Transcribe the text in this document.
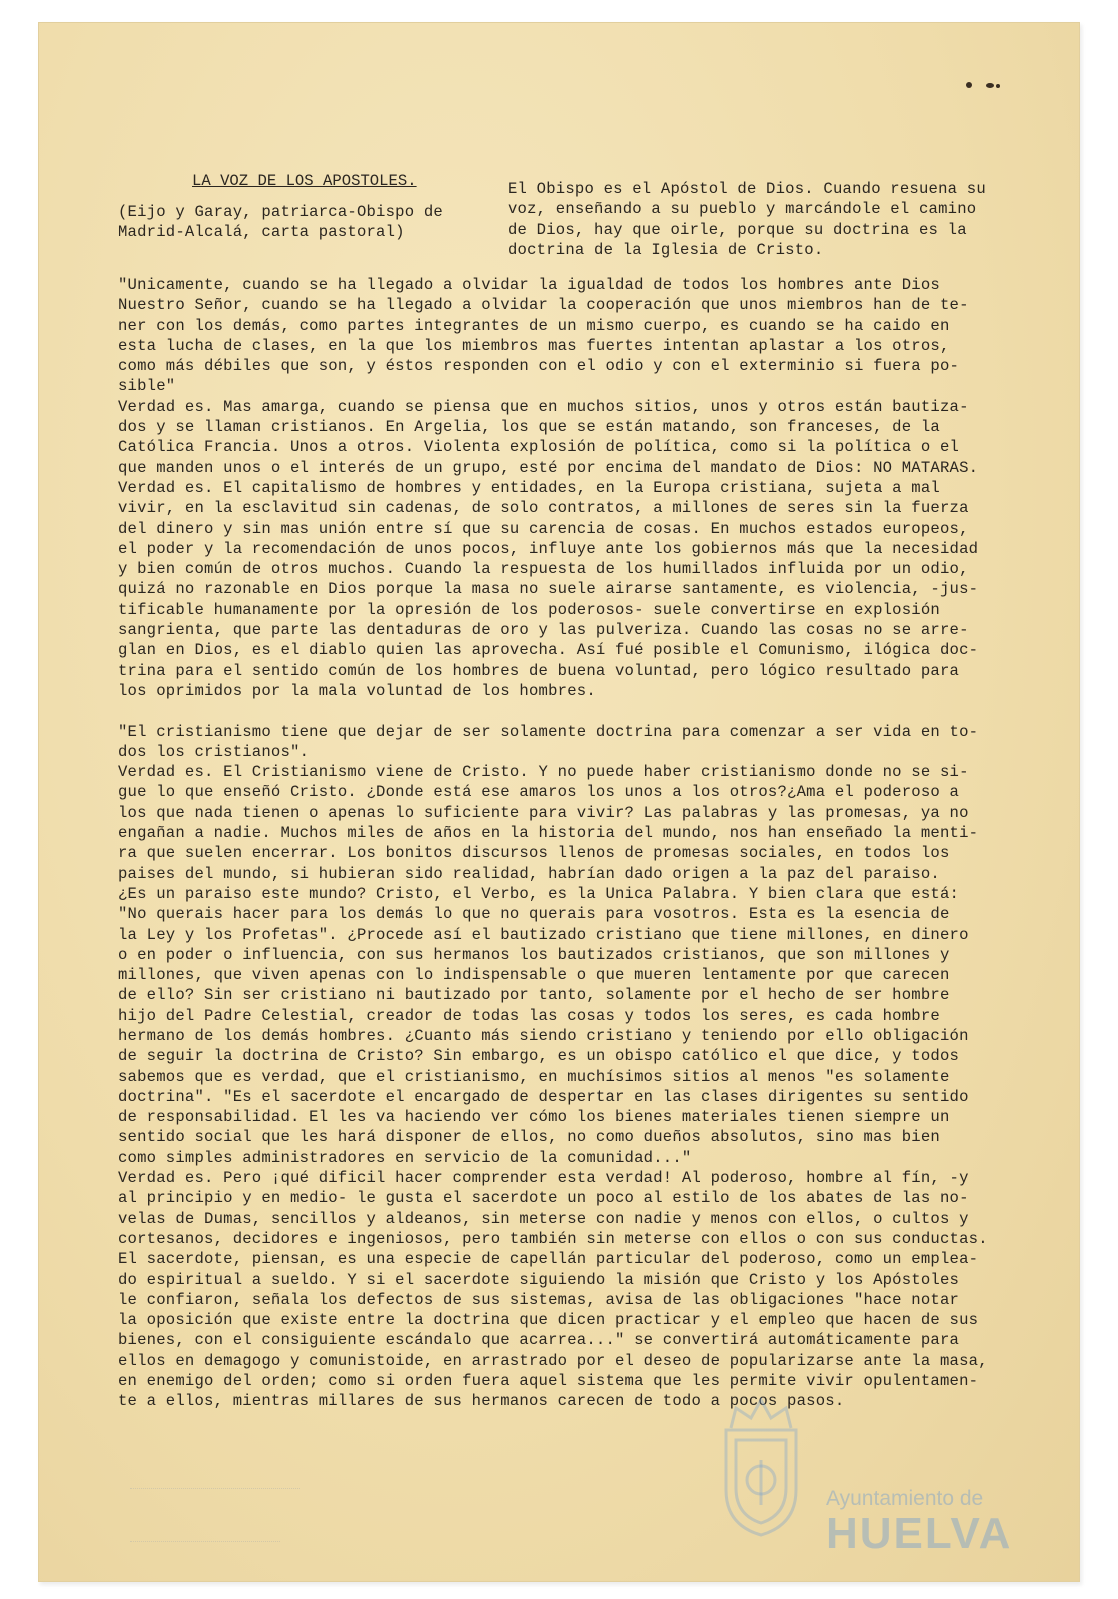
LA VOZ DE LOS APOSTOLES.
(Eijo y Garay, patriarca-Obispo de
Madrid-Alcalá, carta pastoral)
El Obispo es el Apóstol de Dios. Cuando resuena su
voz, enseñando a su pueblo y marcándole el camino
de Dios, hay que oirle, porque su doctrina es la
doctrina de la Iglesia de Cristo.
"Unicamente, cuando se ha llegado a olvidar la igualdad de todos los hombres ante Dios
Nuestro Señor, cuando se ha llegado a olvidar la cooperación que unos miembros han de te-
ner con los demás, como partes integrantes de un mismo cuerpo, es cuando se ha caido en
esta lucha de clases, en la que los miembros mas fuertes intentan aplastar a los otros,
como más débiles que son, y éstos responden con el odio y con el exterminio si fuera po-
sible"
Verdad es. Mas amarga, cuando se piensa que en muchos sitios, unos y otros están bautiza-
dos y se llaman cristianos. En Argelia, los que se están matando, son franceses, de la
Católica Francia. Unos a otros. Violenta explosión de política, como si la política o el
que manden unos o el interés de un grupo, esté por encima del mandato de Dios: NO MATARAS.
Verdad es. El capitalismo de hombres y entidades, en la Europa cristiana, sujeta a mal
vivir, en la esclavitud sin cadenas, de solo contratos, a millones de seres sin la fuerza
del dinero y sin mas unión entre sí que su carencia de cosas. En muchos estados europeos,
el poder y la recomendación de unos pocos, influye ante los gobiernos más que la necesidad
y bien común de otros muchos. Cuando la respuesta de los humillados influida por un odio,
quizá no razonable en Dios porque la masa no suele airarse santamente, es violencia, -jus-
tificable humanamente por la opresión de los poderosos- suele convertirse en explosión
sangrienta, que parte las dentaduras de oro y las pulveriza. Cuando las cosas no se arre-
glan en Dios, es el diablo quien las aprovecha. Así fué posible el Comunismo, ilógica doc-
trina para el sentido común de los hombres de buena voluntad, pero lógico resultado para
los oprimidos por la mala voluntad de los hombres.

"El cristianismo tiene que dejar de ser solamente doctrina para comenzar a ser vida en to-
dos los cristianos".
Verdad es. El Cristianismo viene de Cristo. Y no puede haber cristianismo donde no se si-
gue lo que enseñó Cristo. ¿Donde está ese amaros los unos a los otros?¿Ama el poderoso a
los que nada tienen o apenas lo suficiente para vivir? Las palabras y las promesas, ya no
engañan a nadie. Muchos miles de años en la historia del mundo, nos han enseñado la menti-
ra que suelen encerrar. Los bonitos discursos llenos de promesas sociales, en todos los
paises del mundo, si hubieran sido realidad, habrían dado origen a la paz del paraiso.
¿Es un paraiso este mundo? Cristo, el Verbo, es la Unica Palabra. Y bien clara que está:
"No querais hacer para los demás lo que no querais para vosotros. Esta es la esencia de
la Ley y los Profetas". ¿Procede así el bautizado cristiano que tiene millones, en dinero
o en poder o influencia, con sus hermanos los bautizados cristianos, que son millones y
millones, que viven apenas con lo indispensable o que mueren lentamente por que carecen
de ello? Sin ser cristiano ni bautizado por tanto, solamente por el hecho de ser hombre
hijo del Padre Celestial, creador de todas las cosas y todos los seres, es cada hombre
hermano de los demás hombres. ¿Cuanto más siendo cristiano y teniendo por ello obligación
de seguir la doctrina de Cristo? Sin embargo, es un obispo católico el que dice, y todos
sabemos que es verdad, que el cristianismo, en muchísimos sitios al menos "es solamente
doctrina". "Es el sacerdote el encargado de despertar en las clases dirigentes su sentido
de responsabilidad. El les va haciendo ver cómo los bienes materiales tienen siempre un
sentido social que les hará disponer de ellos, no como dueños absolutos, sino mas bien
como simples administradores en servicio de la comunidad..."
Verdad es. Pero ¡qué dificil hacer comprender esta verdad! Al poderoso, hombre al fín, -y
al principio y en medio- le gusta el sacerdote un poco al estilo de los abates de las no-
velas de Dumas, sencillos y aldeanos, sin meterse con nadie y menos con ellos, o cultos y
cortesanos, decidores e ingeniosos, pero también sin meterse con ellos o con sus conductas.
El sacerdote, piensan, es una especie de capellán particular del poderoso, como un emplea-
do espiritual a sueldo. Y si el sacerdote siguiendo la misión que Cristo y los Apóstoles
le confiaron, señala los defectos de sus sistemas, avisa de las obligaciones "hace notar
la oposición que existe entre la doctrina que dicen practicar y el empleo que hacen de sus
bienes, con el consiguiente escándalo que acarrea..." se convertirá automáticamente para
ellos en demagogo y comunistoide, en arrastrado por el deseo de popularizarse ante la masa,
en enemigo del orden; como si orden fuera aquel sistema que les permite vivir opulentamen-
te a ellos, mientras millares de sus hermanos carecen de todo a pocos pasos.

Ayuntamiento de
HUELVA
